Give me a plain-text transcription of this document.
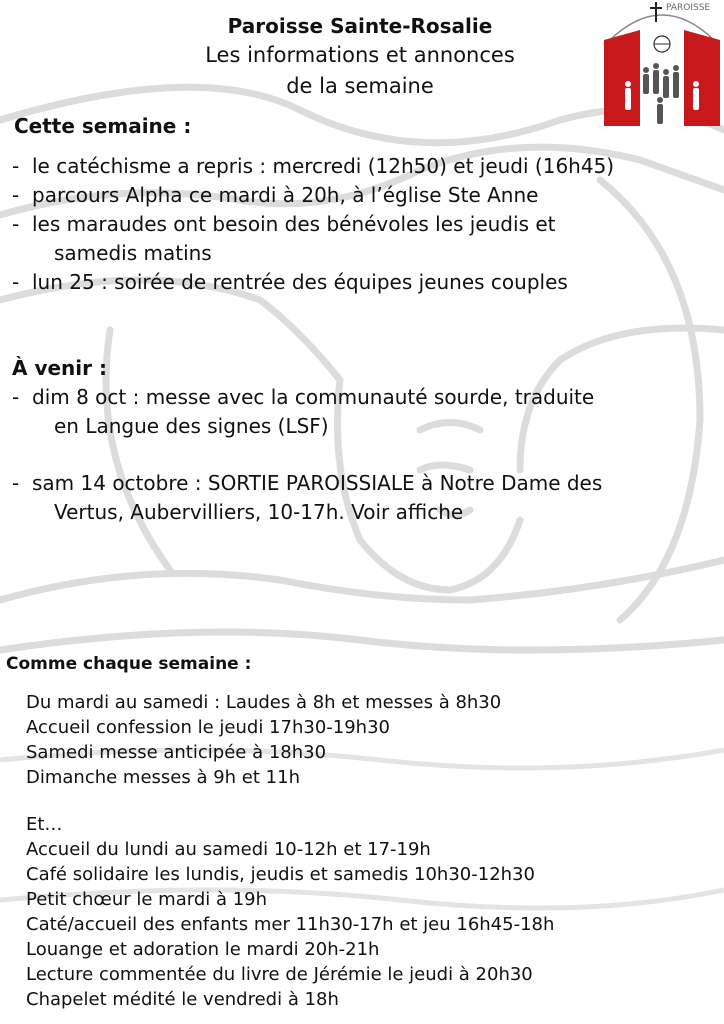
Paroisse Sainte-Rosalie
Les informations et annonces
de la semaine
PAROISSE
Cette semaine :
- le catéchisme a repris : mercredi (12h50) et jeudi (16h45)
- parcours Alpha ce mardi à 20h, à l’église Ste Anne
- les maraudes ont besoin des bénévoles les jeudis et
samedis matins
- lun 25 : soirée de rentrée des équipes jeunes couples
À venir :
- dim 8 oct : messe avec la communauté sourde, traduite
en Langue des signes (LSF)
- sam 14 octobre : SORTIE PAROISSIALE à Notre Dame des
Vertus, Aubervilliers, 10-17h. Voir affiche
Comme chaque semaine :
Du mardi au samedi : Laudes à 8h et messes à 8h30
Accueil confession le jeudi 17h30-19h30
Samedi messe anticipée à 18h30
Dimanche messes à 9h et 11h
Et…
Accueil du lundi au samedi 10-12h et 17-19h
Café solidaire les lundis, jeudis et samedis 10h30-12h30
Petit chœur le mardi à 19h
Caté/accueil des enfants mer 11h30-17h et jeu 16h45-18h
Louange et adoration le mardi 20h-21h
Lecture commentée du livre de Jérémie le jeudi à 20h30
Chapelet médité le vendredi à 18h
